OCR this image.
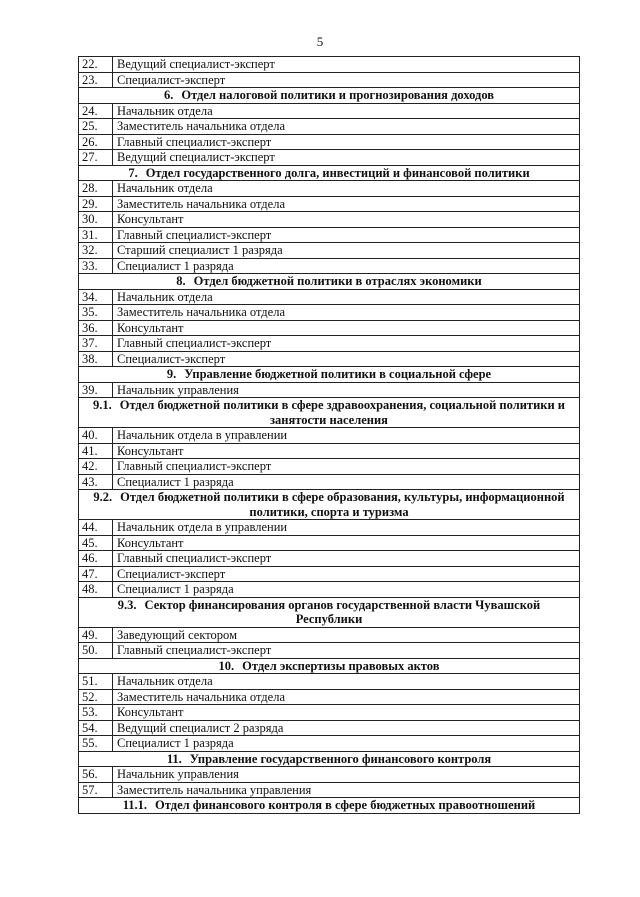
5
22.	Ведущий специалист-эксперт
23.	Специалист-эксперт
6. Отдел налоговой политики и прогнозирования доходов	
24.	Начальник отдела
25.	Заместитель начальника отдела
26.	Главный специалист-эксперт
27.	Ведущий специалист-эксперт
7. Отдел государственного долга, инвестиций и финансовой политики	
28.	Начальник отдела
29.	Заместитель начальника отдела
30.	Консультант
31.	Главный специалист-эксперт
32.	Старший специалист 1 разряда
33.	Специалист 1 разряда
8. Отдел бюджетной политики в отраслях экономики	
34.	Начальник отдела
35.	Заместитель начальника отдела
36.	Консультант
37.	Главный специалист-эксперт
38.	Специалист-эксперт
9. Управление бюджетной политики в социальной сфере	
39.	Начальник управления
9.1. Отдел бюджетной политики в сфере здравоохранения, социальной политики и занятости населения	
40.	Начальник отдела в управлении
41.	Консультант
42.	Главный специалист-эксперт
43.	Специалист 1 разряда
9.2. Отдел бюджетной политики в сфере образования, культуры, информационной политики, спорта и туризма	
44.	Начальник отдела в управлении
45.	Консультант
46.	Главный специалист-эксперт
47.	Специалист-эксперт
48.	Специалист 1 разряда
9.3. Сектор финансирования органов государственной власти Чувашской Республики	
49.	Заведующий сектором
50.	Главный специалист-эксперт
10. Отдел экспертизы правовых актов	
51.	Начальник отдела
52.	Заместитель начальника отдела
53.	Консультант
54.	Ведущий специалист 2 разряда
55.	Специалист 1 разряда
11. Управление государственного финансового контроля	
56.	Начальник управления
57.	Заместитель начальника управления
11.1. Отдел финансового контроля в сфере бюджетных правоотношений	
